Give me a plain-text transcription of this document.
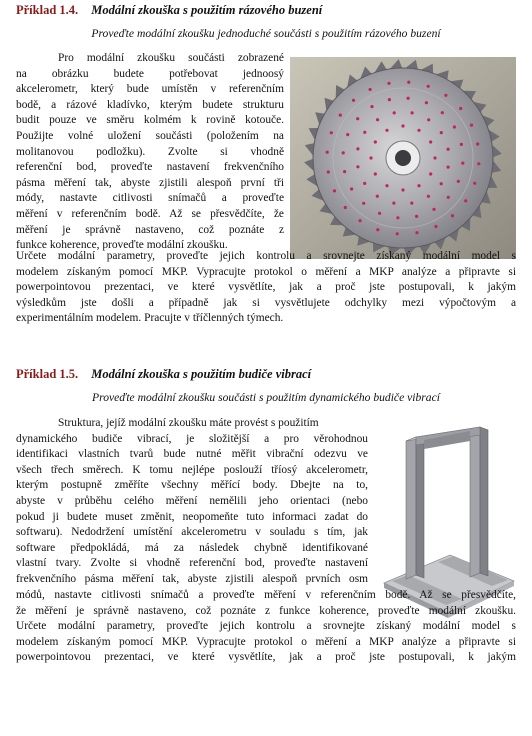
Příklad 1.4. Modální zkouška s použitím rázového buzení
Proveďte modální zkoušku jednoduché součásti s použitím rázového buzení
Pro modální zkoušku součásti zobrazené
na obrázku budete potřebovat jednoosý
akcelerometr, který bude umístěn v referenčním
bodě, a rázové kladívko, kterým budete strukturu
budit pouze ve směru kolmém k rovině kotouče.
Použijte volné uložení součásti (položením na
molitanovou podložku). Zvolte si vhodně
referenční bod, proveďte nastavení frekvenčního
pásma měření tak, abyste zjistili alespoň první tři
módy, nastavte citlivosti snímačů a proveďte
měření v referenčním bodě. Až se přesvědčíte, že
měření je správně nastaveno, což poznáte z
funkce koherence, proveďte modální zkoušku.
Určete modální parametry, proveďte jejich kontrolu a srovnejte získaný modální model s
modelem získaným pomocí MKP. Vypracujte protokol o měření a MKP analýze a připravte si
powerpointovou prezentaci, ve které vysvětlíte, jak a proč jste postupovali, k jakým
výsledkům jste došli a případně jak si vysvětlujete odchylky mezi výpočtovým a
experimentálním modelem. Pracujte v tříčlenných týmech.
Příklad 1.5. Modální zkouška s použitím budiče vibrací
Proveďte modální zkoušku součásti s použitím dynamického budiče vibrací
Struktura, jejíž modální zkoušku máte provést s použitím
dynamického budiče vibrací, je složitější a pro věrohodnou
identifikaci vlastních tvarů bude nutné měřit vibrační odezvu ve
všech třech směrech. K tomu nejlépe poslouží tříosý akcelerometr,
kterým postupně změříte všechny měřící body. Dbejte na to,
abyste v průběhu celého měření nemělili jeho orientaci (nebo
pokud ji budete muset změnit, neopomeňte tuto informaci zadat do
softwaru). Nedodržení umístění akcelerometru v souladu s tím, jak
software předpokládá, má za následek chybně identifikované
vlastní tvary. Zvolte si vhodně referenční bod, proveďte nastavení
frekvenčního pásma měření tak, abyste zjistili alespoň prvních osm
módů, nastavte citlivosti snímačů a proveďte měření v referenčním bodě. Až se přesvědčíte,
že měření je správně nastaveno, což poznáte z funkce koherence, proveďte modální zkoušku.
Určete modální parametry, proveďte jejich kontrolu a srovnejte získaný modální model s
modelem získaným pomocí MKP. Vypracujte protokol o měření a MKP analýze a připravte si
powerpointovou prezentaci, ve které vysvětlíte, jak a proč jste postupovali, k jakým
